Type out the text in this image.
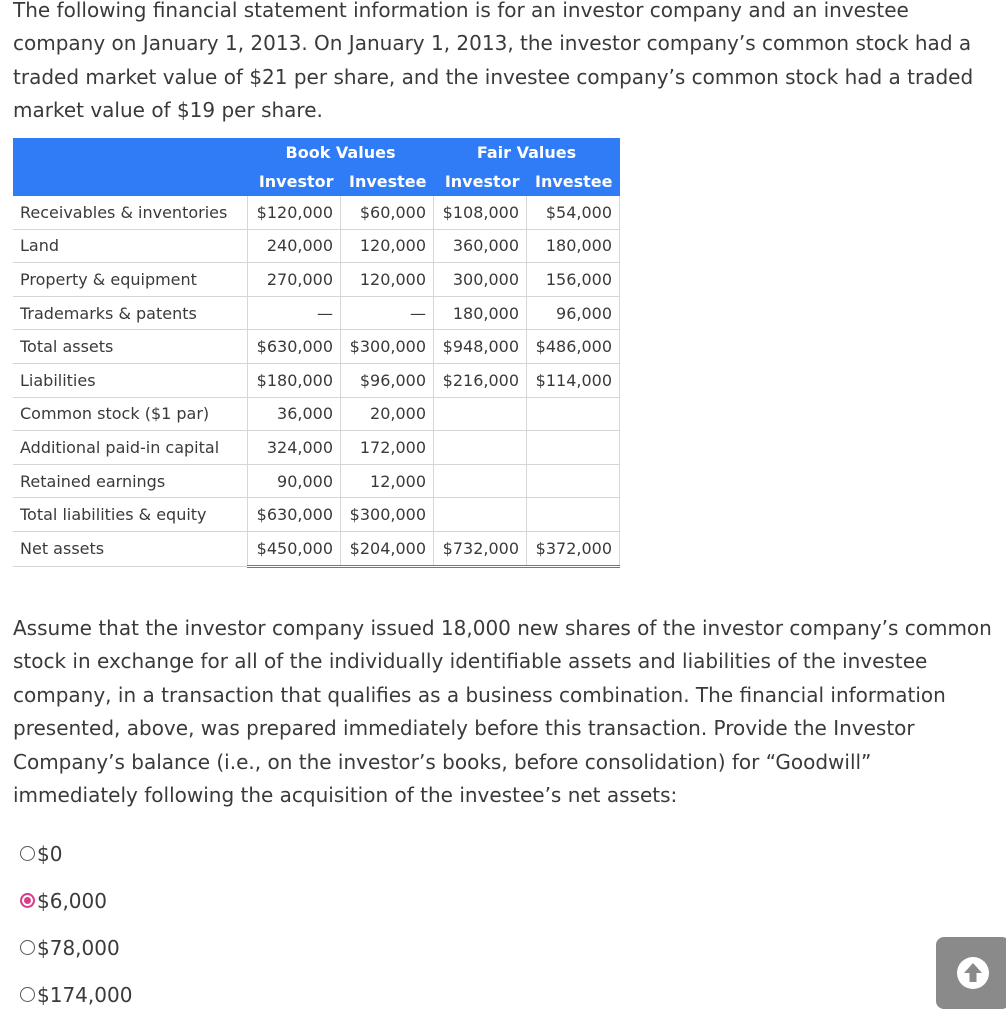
The following financial statement information is for an investor company and an investee company on January 1, 2013. On January 1, 2013, the investor company’s common stock had a traded market value of $21 per share, and the investee company’s common stock had a traded market value of $19 per share.

	Book Values		Fair Values	
	Investor	Investee	Investor	Investee
Receivables & inventories	$120,000	$60,000	$108,000	$54,000
Land	240,000	120,000	360,000	180,000
Property & equipment	270,000	120,000	300,000	156,000
Trademarks & patents	—	—	180,000	96,000
Total assets	$630,000	$300,000	$948,000	$486,000
Liabilities	$180,000	$96,000	$216,000	$114,000
Common stock ($1 par)	36,000	20,000		
Additional paid-in capital	324,000	172,000		
Retained earnings	90,000	12,000		
Total liabilities & equity	$630,000	$300,000		
Net assets	$450,000	$204,000	$732,000	$372,000

Assume that the investor company issued 18,000 new shares of the investor company’s common stock in exchange for all of the individually identifiable assets and liabilities of the investee company, in a transaction that qualifies as a business combination. The financial information presented, above, was prepared immediately before this transaction. Provide the Investor Company’s balance (i.e., on the investor’s books, before consolidation) for “Goodwill” immediately following the acquisition of the investee’s net assets:

$0
$6,000
$78,000
$174,000
